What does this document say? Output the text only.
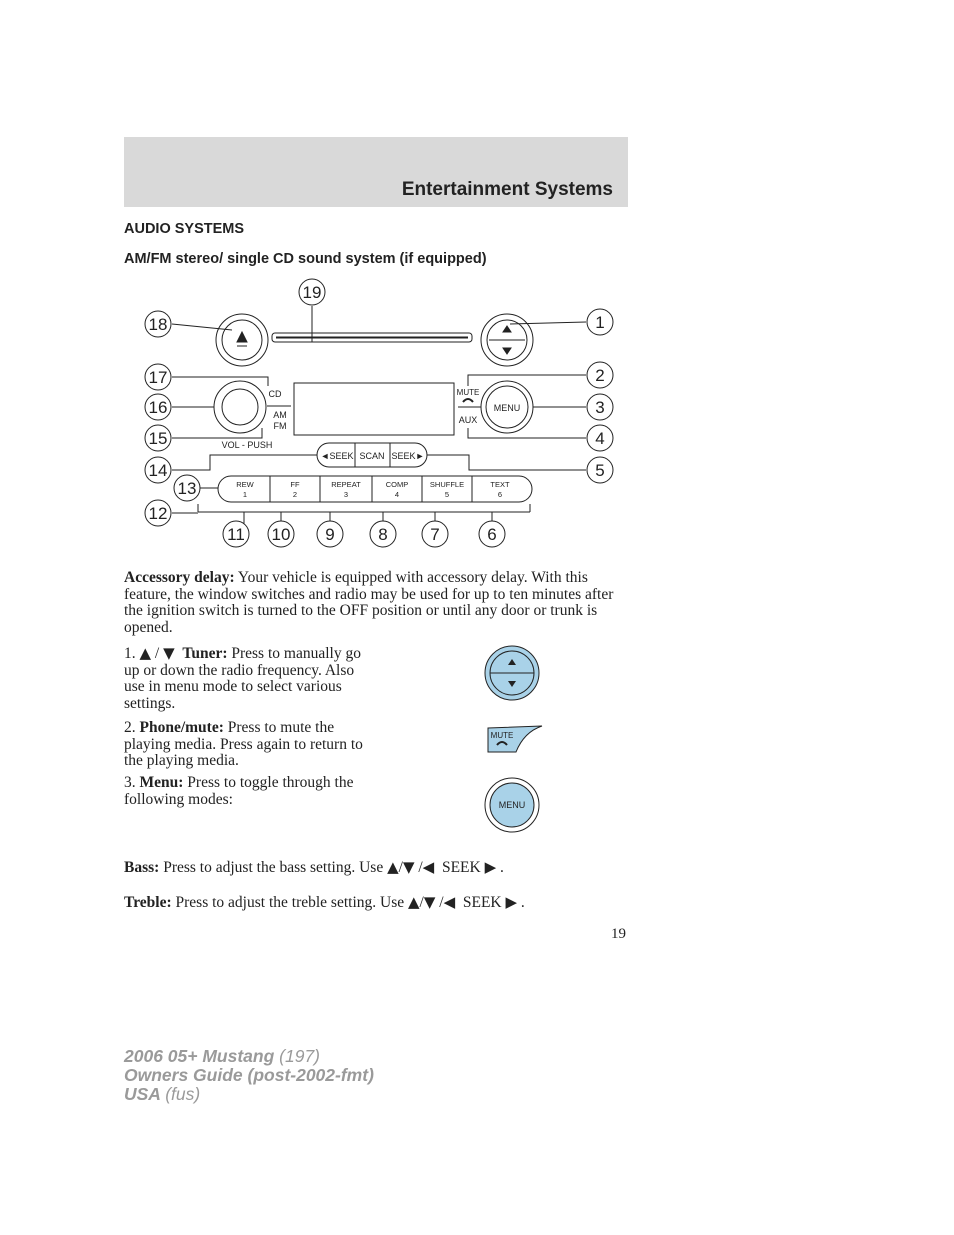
Entertainment Systems
AUDIO SYSTEMS
AM/FM stereo/ single CD sound system (if equipped)
CD
AM
FM
VOL - PUSH
MUTE
AUX
MENU
◄SEEK SCAN SEEK►
REW
1
FF
2
REPEAT
3
COMP
4
SHUFFLE
5
TEXT
6
1
2
3
4
5
6
7
8
9
10
11
12
13
14
15
16
17
18
19
Accessory delay: Your vehicle is equipped with accessory delay. With this feature, the window switches and radio may be used for up to ten minutes after the ignition switch is turned to the OFF position or until any door or trunk is opened.
1. ▲ / ▼ Tuner: Press to manually go up or down the radio frequency. Also use in menu mode to select various settings.
2. Phone/mute: Press to mute the playing media. Press again to return to the playing media.
3. Menu: Press to toggle through the following modes:
MUTE
MENU
Bass: Press to adjust the bass setting. Use ▲/▼ /◀ SEEK ▶ .
Treble: Press to adjust the treble setting. Use ▲/▼ /◀ SEEK ▶ .
19
2006 05+ Mustang (197)
Owners Guide (post-2002-fmt)
USA (fus)
